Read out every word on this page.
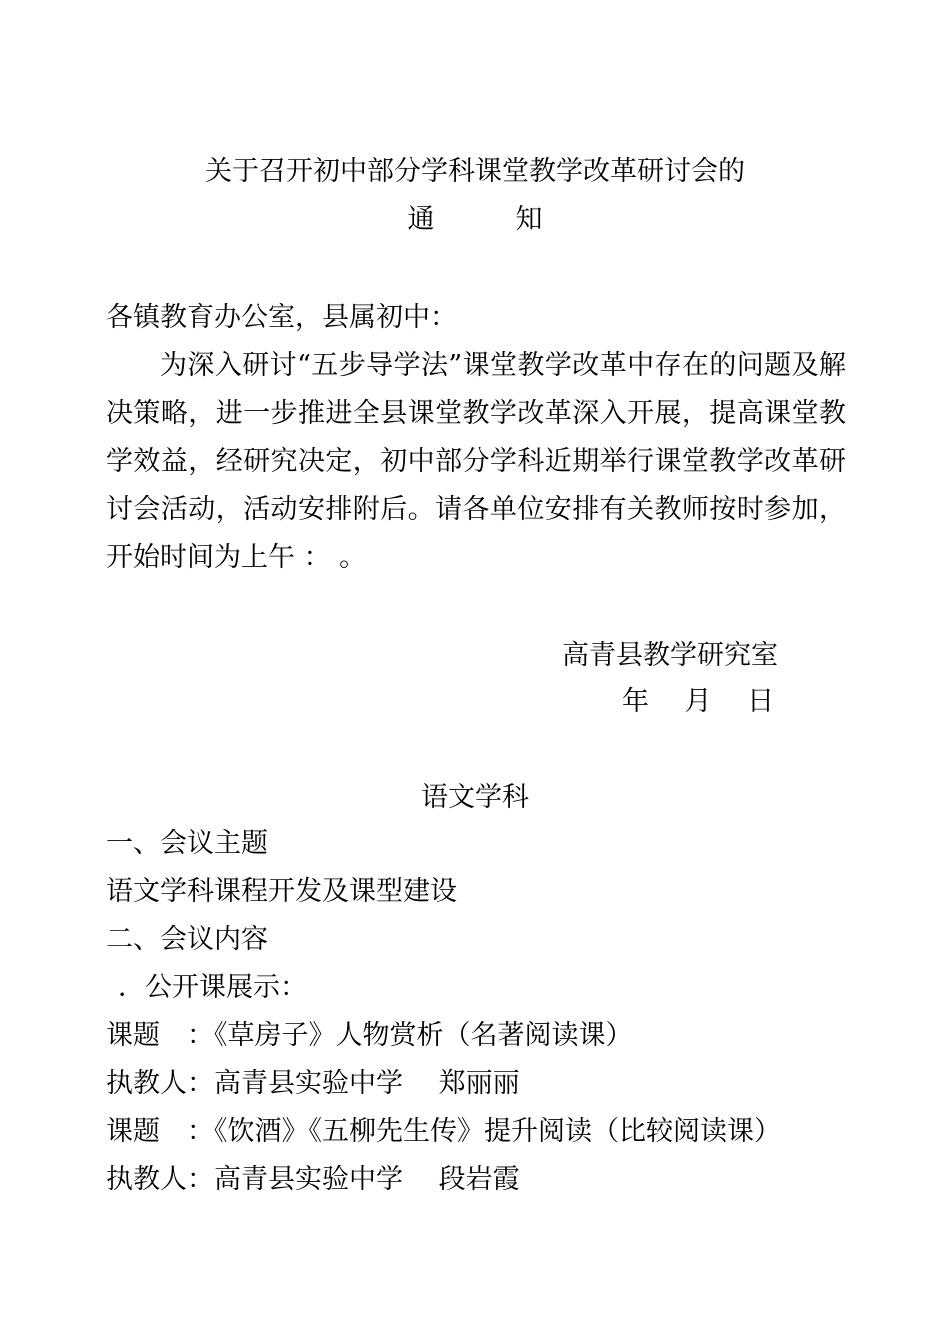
关于召开初中部分学科课堂教学改革研讨会的
通　　　知
各镇教育办公室，县属初中：
为深入研讨“五步导学法”课堂教学改革中存在的问题及解决策略，进一步推进全县课堂教学改革深入开展，提高课堂教学效益，经研究决定，初中部分学科近期举行课堂教学改革研讨会活动，活动安排附后。请各单位安排有关教师按时参加，开始时间为上午 ： 。
高青县教学研究室
年　 月　 日
语文学科
一、会议主题
语文学科课程开发及课型建设
二、会议内容
．公开课展示：
课题　：《草房子》人物赏析（名著阅读课）
执教人：高青县实验中学　 郑丽丽
课题　：《饮酒》《五柳先生传》提升阅读（比较阅读课）
执教人：高青县实验中学　 段岩霞
